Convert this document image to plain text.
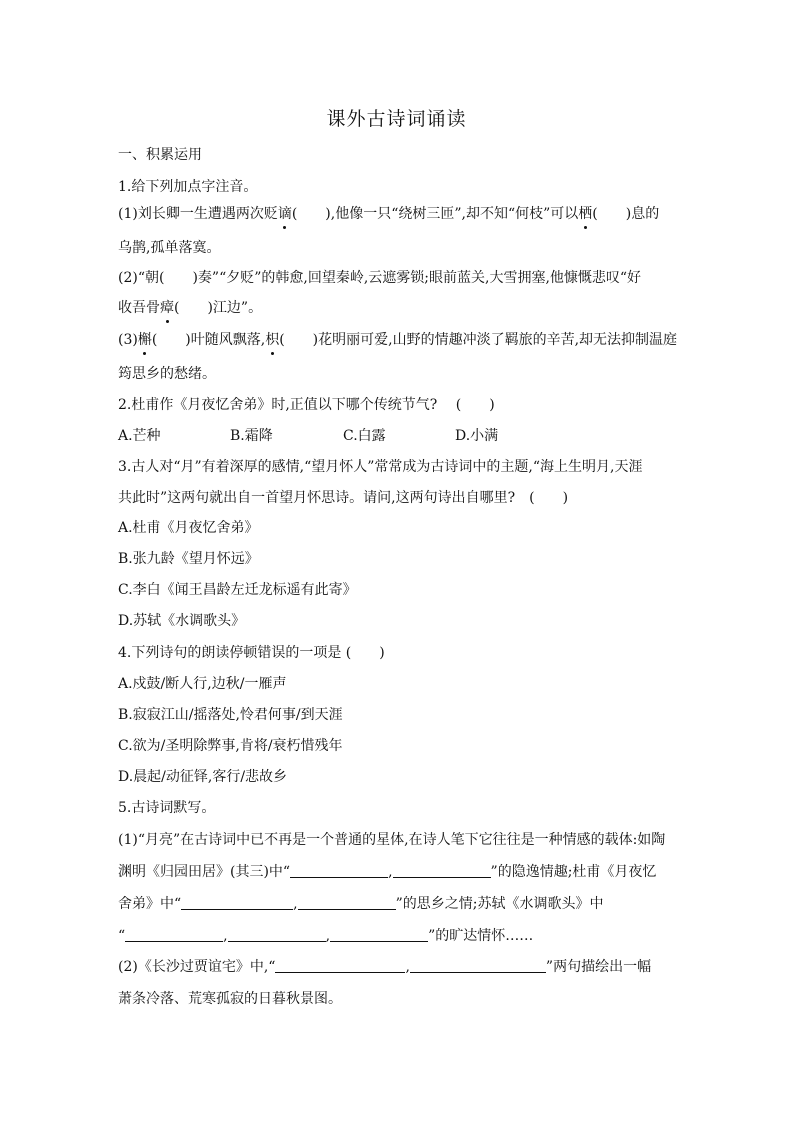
课外古诗词诵读
一、积累运用
1.给下列加点字注音。
(1)刘长卿一生遭遇两次贬谪(　　),他像一只“绕树三匝”,却不知“何枝”可以栖(　　)息的
乌鹊,孤单落寞。
(2)“朝(　　)奏”“夕贬”的韩愈,回望秦岭,云遮雾锁;眼前蓝关,大雪拥塞,他慷慨悲叹“好
收吾骨瘴(　　)江边”。
(3)槲(　　)叶随风飘落,枳(　　)花明丽可爱,山野的情趣冲淡了羁旅的辛苦,却无法抑制温庭
筠思乡的愁绪。
2.杜甫作《月夜忆舍弟》时,正值以下哪个传统节气?　 (　　)
A.芒种	B.霜降	C.白露	D.小满
3.古人对“月”有着深厚的感情,“望月怀人”常常成为古诗词中的主题,“海上生明月,天涯
共此时”这两句就出自一首望月怀思诗。请问,这两句诗出自哪里?　(　　)
A.杜甫《月夜忆舍弟》
B.张九龄《望月怀远》
C.李白《闻王昌龄左迁龙标遥有此寄》
D.苏轼《水调歌头》
4.下列诗句的朗读停顿错误的一项是 (　　)
A.戍鼓/断人行,边秋/一雁声
B.寂寂江山/摇落处,怜君何事/到天涯
C.欲为/圣明除弊事,肯将/衰朽惜残年
D.晨起/动征铎,客行/悲故乡
5.古诗词默写。
(1)“月亮”在古诗词中已不再是一个普通的星体,在诗人笔下它往往是一种情感的载体:如陶
渊明《归园田居》(其三)中“	,	”的隐逸情趣;杜甫《月夜忆
舍弟》中“	,	”的思乡之情;苏轼《水调歌头》中
“	,	,	”的旷达情怀……
(2)《长沙过贾谊宅》中,“	,	”两句描绘出一幅
萧条冷落、荒寒孤寂的日暮秋景图。
